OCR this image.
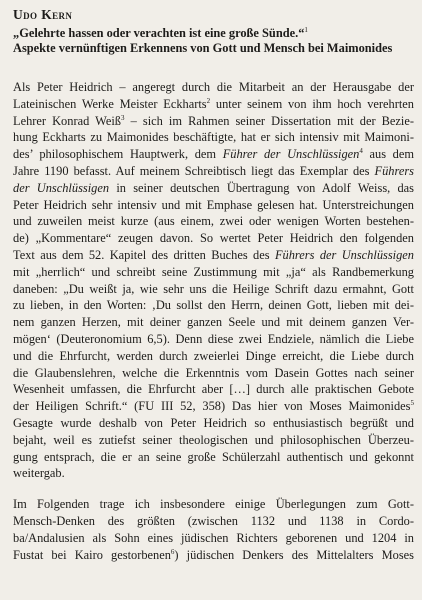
Udo Kern

„Gelehrte hassen oder verachten ist eine große Sünde.“$^1$

Aspekte vernünftigen Erkennens von Gott und Mensch bei Maimonides

Als Peter Heidrich – angeregt durch die Mitarbeit an der Herausgabe der
Lateinischen Werke Meister Eckharts$^2$ unter seinem von ihm hoch verehrten
Lehrer Konrad Weiß$^3$ – sich im Rahmen seiner Dissertation mit der Bezie-
hung Eckharts zu Maimonides beschäftigte, hat er sich intensiv mit Maimoni-
des’ philosophischem Hauptwerk, dem Führer der Unschlüssigen$^4$ aus dem
Jahre 1190 befasst. Auf meinem Schreibtisch liegt das Exemplar des Führers
der Unschlüssigen in seiner deutschen Übertragung von Adolf Weiss, das
Peter Heidrich sehr intensiv und mit Emphase gelesen hat. Unterstreichungen
und zuweilen meist kurze (aus einem, zwei oder wenigen Worten bestehen-
de) „Kommentare“ zeugen davon. So wertet Peter Heidrich den folgenden
Text aus dem 52. Kapitel des dritten Buches des Führers der Unschlüssigen
mit „herrlich“ und schreibt seine Zustimmung mit „ja“ als Randbemerkung
daneben: „Du weißt ja, wie sehr uns die Heilige Schrift dazu ermahnt, Gott
zu lieben, in den Worten: ‚Du sollst den Herrn, deinen Gott, lieben mit dei-
nem ganzen Herzen, mit deiner ganzen Seele und mit deinem ganzen Ver-
mögen‘ (Deuteronomium 6,5). Denn diese zwei Endziele, nämlich die Liebe
und die Ehrfurcht, werden durch zweierlei Dinge erreicht, die Liebe durch
die Glaubenslehren, welche die Erkenntnis vom Dasein Gottes nach seiner
Wesenheit umfassen, die Ehrfurcht aber […] durch alle praktischen Gebote
der Heiligen Schrift.“ (FU III 52, 358) Das hier von Moses Maimonides$^5$
Gesagte wurde deshalb von Peter Heidrich so enthusiastisch begrüßt und
bejaht, weil es zutiefst seiner theologischen und philosophischen Überzeu-
gung entsprach, die er an seine große Schülerzahl authentisch und gekonnt
weitergab.
Im Folgenden trage ich insbesondere einige Überlegungen zum Gott-
Mensch-Denken des größten (zwischen 1132 und 1138 in Cordo-
ba/Andalusien als Sohn eines jüdischen Richters geborenen und 1204 in
Fustat bei Kairo gestorbenen$^6$) jüdischen Denkers des Mittelalters Moses
